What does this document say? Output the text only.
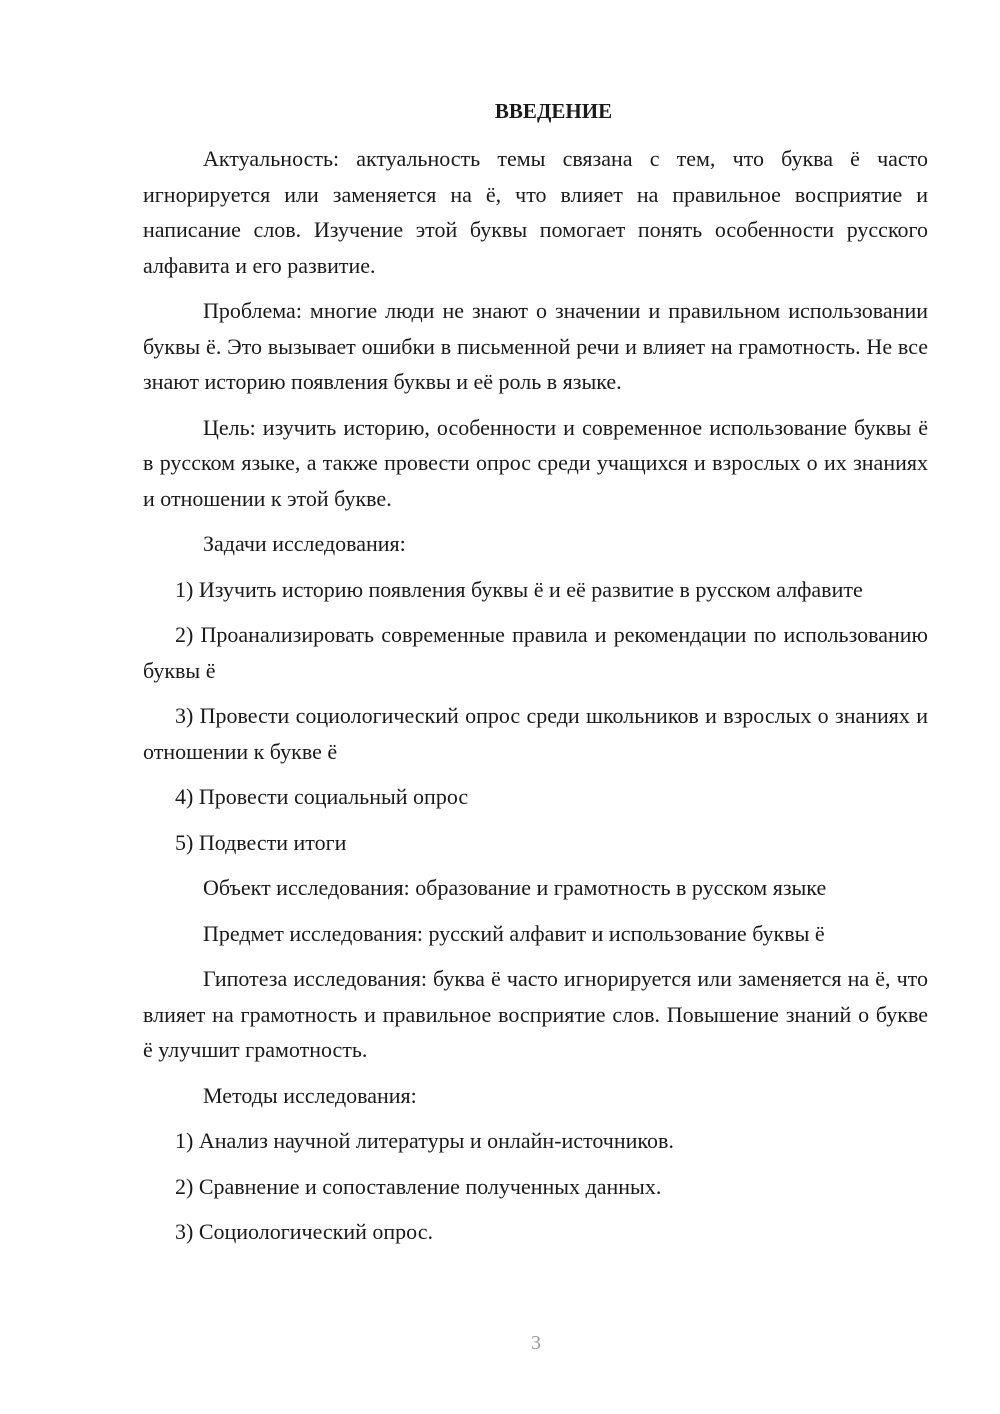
ВВЕДЕНИЕ

Актуальность: актуальность темы связана с тем, что буква ё часто игнорируется или заменяется на ё, что влияет на правильное восприятие и написание слов. Изучение этой буквы помогает понять особенности русского алфавита и его развитие.

Проблема: многие люди не знают о значении и правильном использовании буквы ё. Это вызывает ошибки в письменной речи и влияет на грамотность. Не все знают историю появления буквы и её роль в языке.

Цель: изучить историю, особенности и современное использование буквы ё в русском языке, а также провести опрос среди учащихся и взрослых о их знаниях и отношении к этой букве.

Задачи исследования:

1) Изучить историю появления буквы ё и её развитие в русском алфавите

2) Проанализировать современные правила и рекомендации по использованию буквы ё

3) Провести социологический опрос среди школьников и взрослых о знаниях и отношении к букве ё

4) Провести социальный опрос

5) Подвести итоги

Объект исследования: образование и грамотность в русском языке

Предмет исследования: русский алфавит и использование буквы ё

Гипотеза исследования: буква ё часто игнорируется или заменяется на ё, что влияет на грамотность и правильное восприятие слов. Повышение знаний о букве ё улучшит грамотность.

Методы исследования:

1) Анализ научной литературы и онлайн-источников.

2) Сравнение и сопоставление полученных данных.

3) Социологический опрос.

3
